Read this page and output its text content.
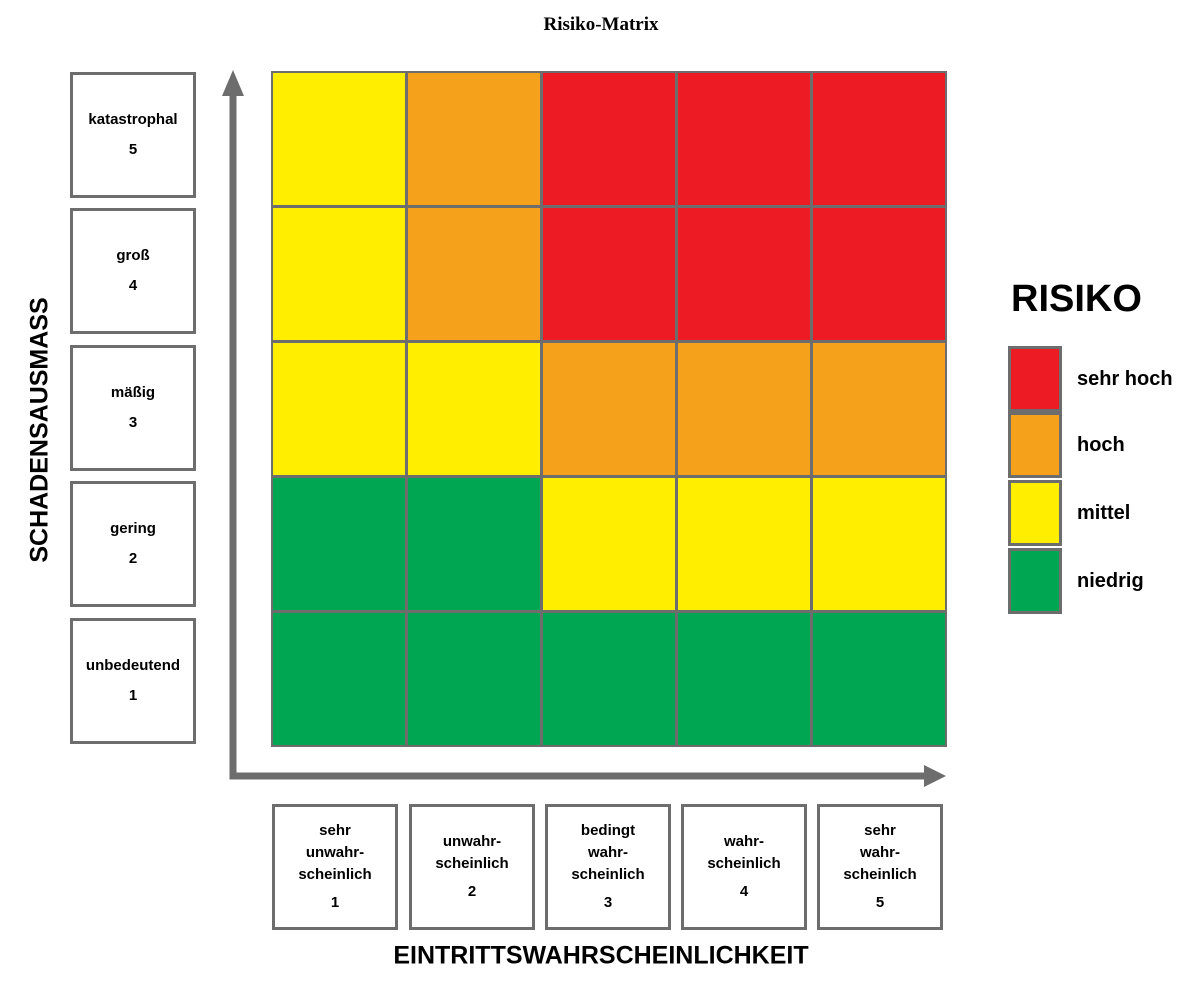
Risiko-Matrix
katastrophal
5
groß
4
mäßig
3
gering
2
unbedeutend
1
SCHADENSAUSMASS
sehr
unwahr-
scheinlich
1
unwahr-
scheinlich
2
bedingt
wahr-
scheinlich
3
wahr-
scheinlich
4
sehr
wahr-
scheinlich
5
EINTRITTSWAHRSCHEINLICHKEIT
RISIKO
sehr hoch
hoch
mittel
niedrig
